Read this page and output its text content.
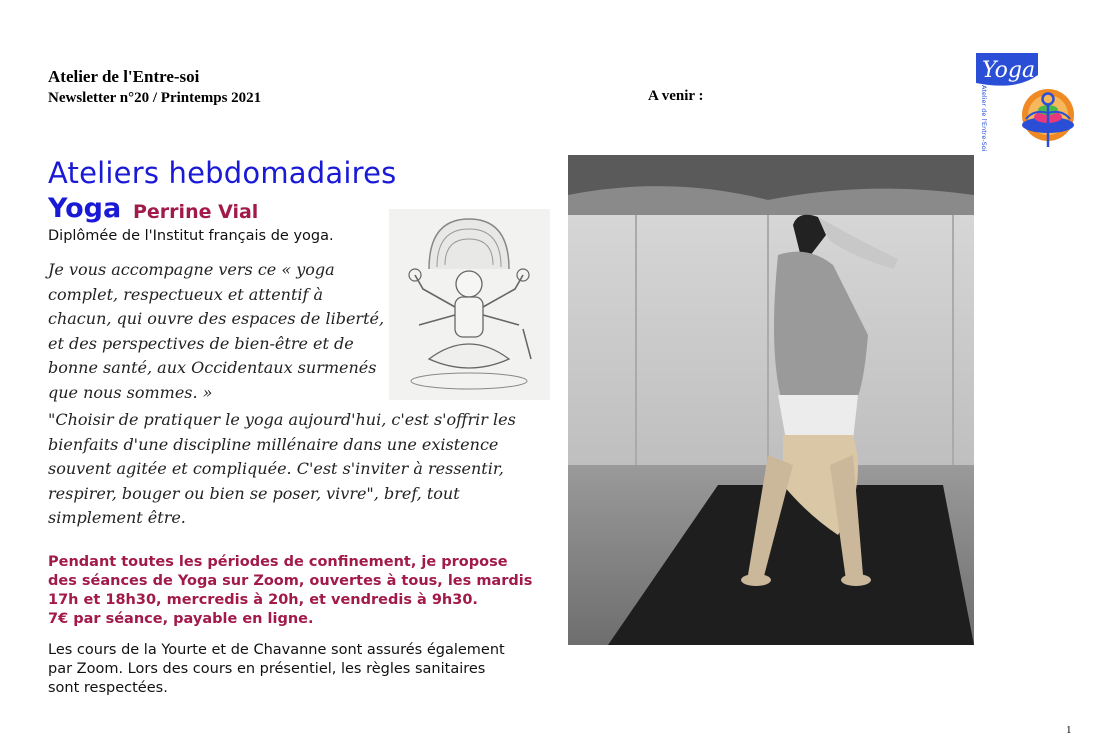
Atelier de l'Entre-soi
Newsletter n°20 / Printemps 2021	A venir :
Yoga
Atelier de l'Entre-Soi
Ateliers hebdomadaires
Yoga Perrine Vial
Diplômée de l'Institut français de yoga.
Je vous accompagne vers ce « yoga complet, respectueux et attentif à chacun, qui ouvre des espaces de liberté, et des perspectives de bien-être et de bonne santé, aux Occidentaux surmenés que nous sommes. »
"Choisir de pratiquer le yoga aujourd'hui, c'est s'offrir les bienfaits d'une discipline millénaire dans une existence souvent agitée et compliquée. C'est s'inviter à ressentir, respirer, bouger ou bien se poser, vivre", bref, tout simplement être.
Pendant toutes les périodes de confinement, je propose
des séances de Yoga sur Zoom, ouvertes à tous, les mardis
17h et 18h30, mercredis à 20h, et vendredis à 9h30.
7€ par séance, payable en ligne.
Les cours de la Yourte et de Chavanne sont assurés également
par Zoom. Lors des cours en présentiel, les règles sanitaires
sont respectées.
1
